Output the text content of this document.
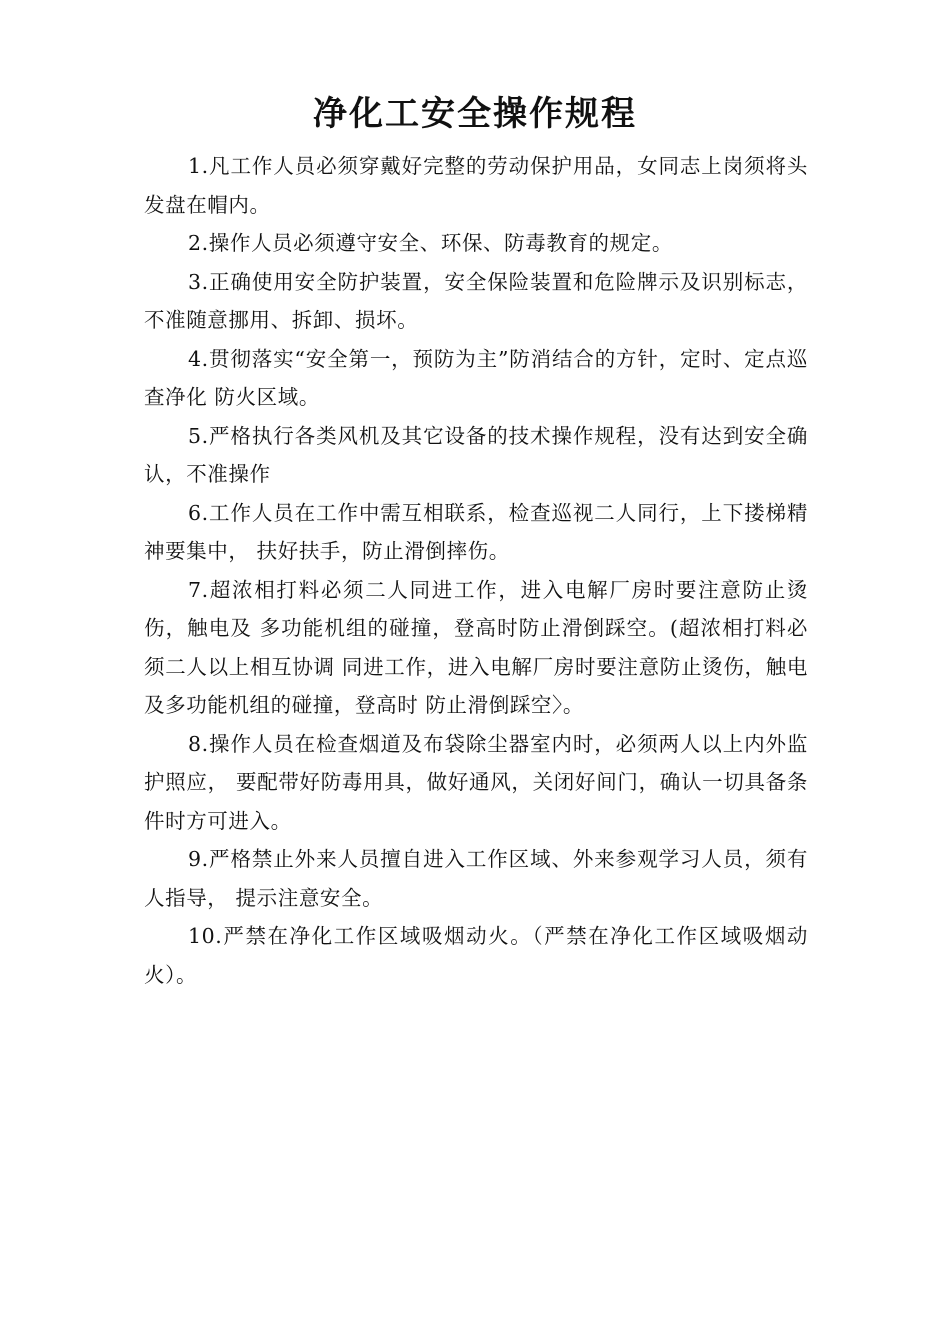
净化工安全操作规程

1.凡工作人员必须穿戴好完整的劳动保护用品，女同志上岗须将头发盘在帽内。

2.操作人员必须遵守安全、环保、防毒教育的规定。

3.正确使用安全防护装置，安全保险装置和危险牌示及识别标志，不准随意挪用、拆卸、损坏。

4.贯彻落实“安全第一，预防为主”防消结合的方针，定时、定点巡查净化 防火区域。

5.严格执行各类风机及其它设备的技术操作规程，没有达到安全确认，不准操作

6.工作人员在工作中需互相联系，检查巡视二人同行，上下搂梯精神要集中， 扶好扶手，防止滑倒摔伤。

7.超浓相打料必须二人同进工作，进入电解厂房时要注意防止烫伤，触电及 多功能机组的碰撞，登高时防止滑倒踩空。(超浓相打料必须二人以上相互协调 同进工作，进入电解厂房时要注意防止烫伤，触电及多功能机组的碰撞，登高时 防止滑倒踩空〉。

8.操作人员在检查烟道及布袋除尘器室内时，必须两人以上内外监护照应， 要配带好防毒用具，做好通风，关闭好间门，确认一切具备条件时方可进入。

9.严格禁止外来人员擅自进入工作区域、外来参观学习人员，须有人指导， 提示注意安全。

10.严禁在净化工作区域吸烟动火。（严禁在净化工作区域吸烟动火）。
